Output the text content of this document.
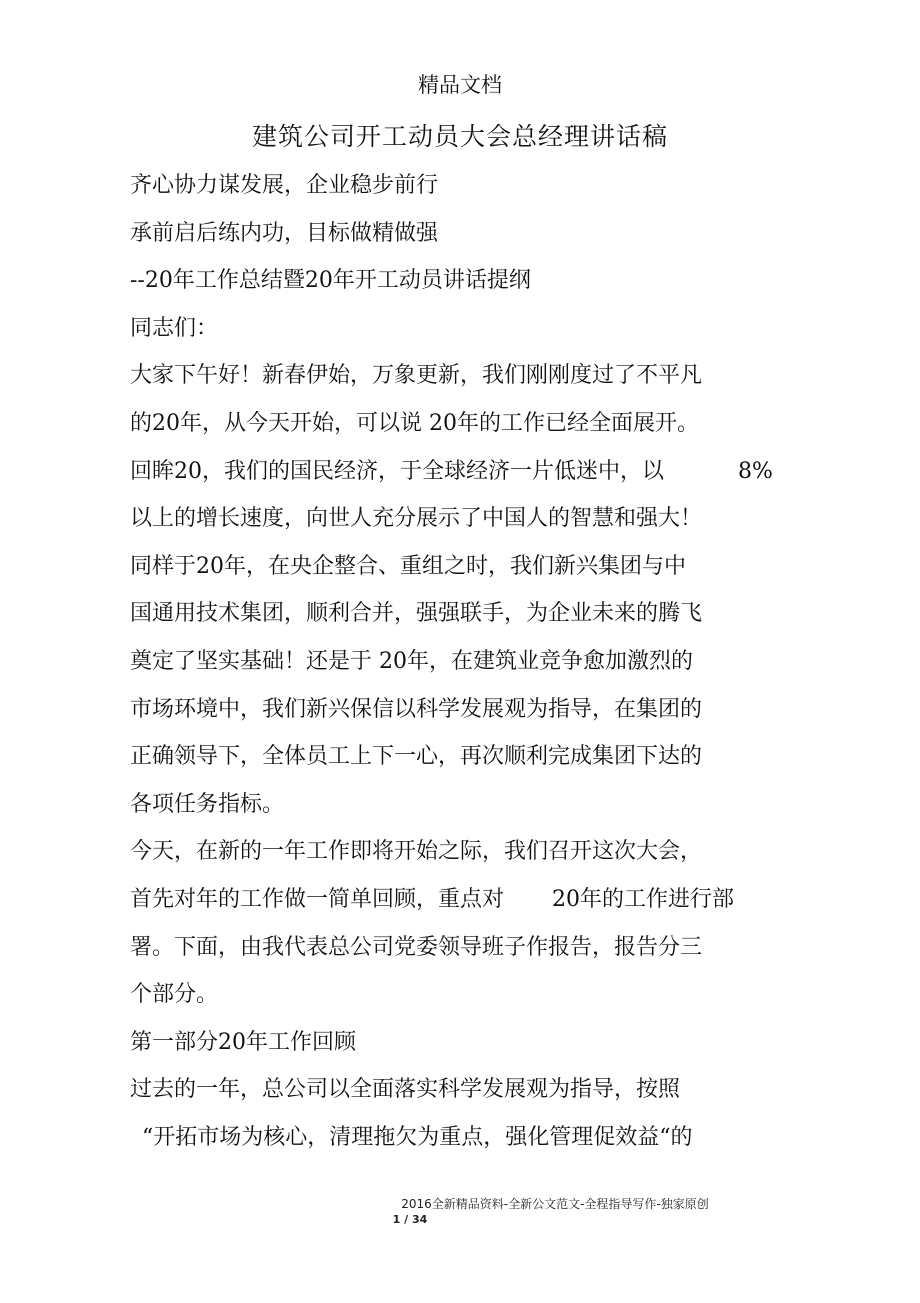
精品文档
建筑公司开工动员大会总经理讲话稿
齐心协力谋发展，企业稳步前行
承前启后练内功，目标做精做强
--20年工作总结暨20年开工动员讲话提纲
同志们：
大家下午好！新春伊始，万象更新，我们刚刚度过了不平凡
的20年，从今天开始，可以说 20年的工作已经全面展开。
回眸20，我们的国民经济，于全球经济一片低迷中，以	8%
以上的增长速度，向世人充分展示了中国人的智慧和强大！
同样于20年，在央企整合、重组之时，我们新兴集团与中
国通用技术集团，顺利合并，强强联手，为企业未来的腾飞
奠定了坚实基础！还是于 20年，在建筑业竞争愈加激烈的
市场环境中，我们新兴保信以科学发展观为指导，在集团的
正确领导下，全体员工上下一心，再次顺利完成集团下达的
各项任务指标。
今天，在新的一年工作即将开始之际，我们召开这次大会，
首先对年的工作做一简单回顾，重点对 20年的工作进行部
署。下面，由我代表总公司党委领导班子作报告，报告分三
个部分。
第一部分20年工作回顾
过去的一年，总公司以全面落实科学发展观为指导，按照
“开拓市场为核心，清理拖欠为重点，强化管理促效益“的
2016全新精品资料-全新公文范文-全程指导写作-独家原创
1 / 34
